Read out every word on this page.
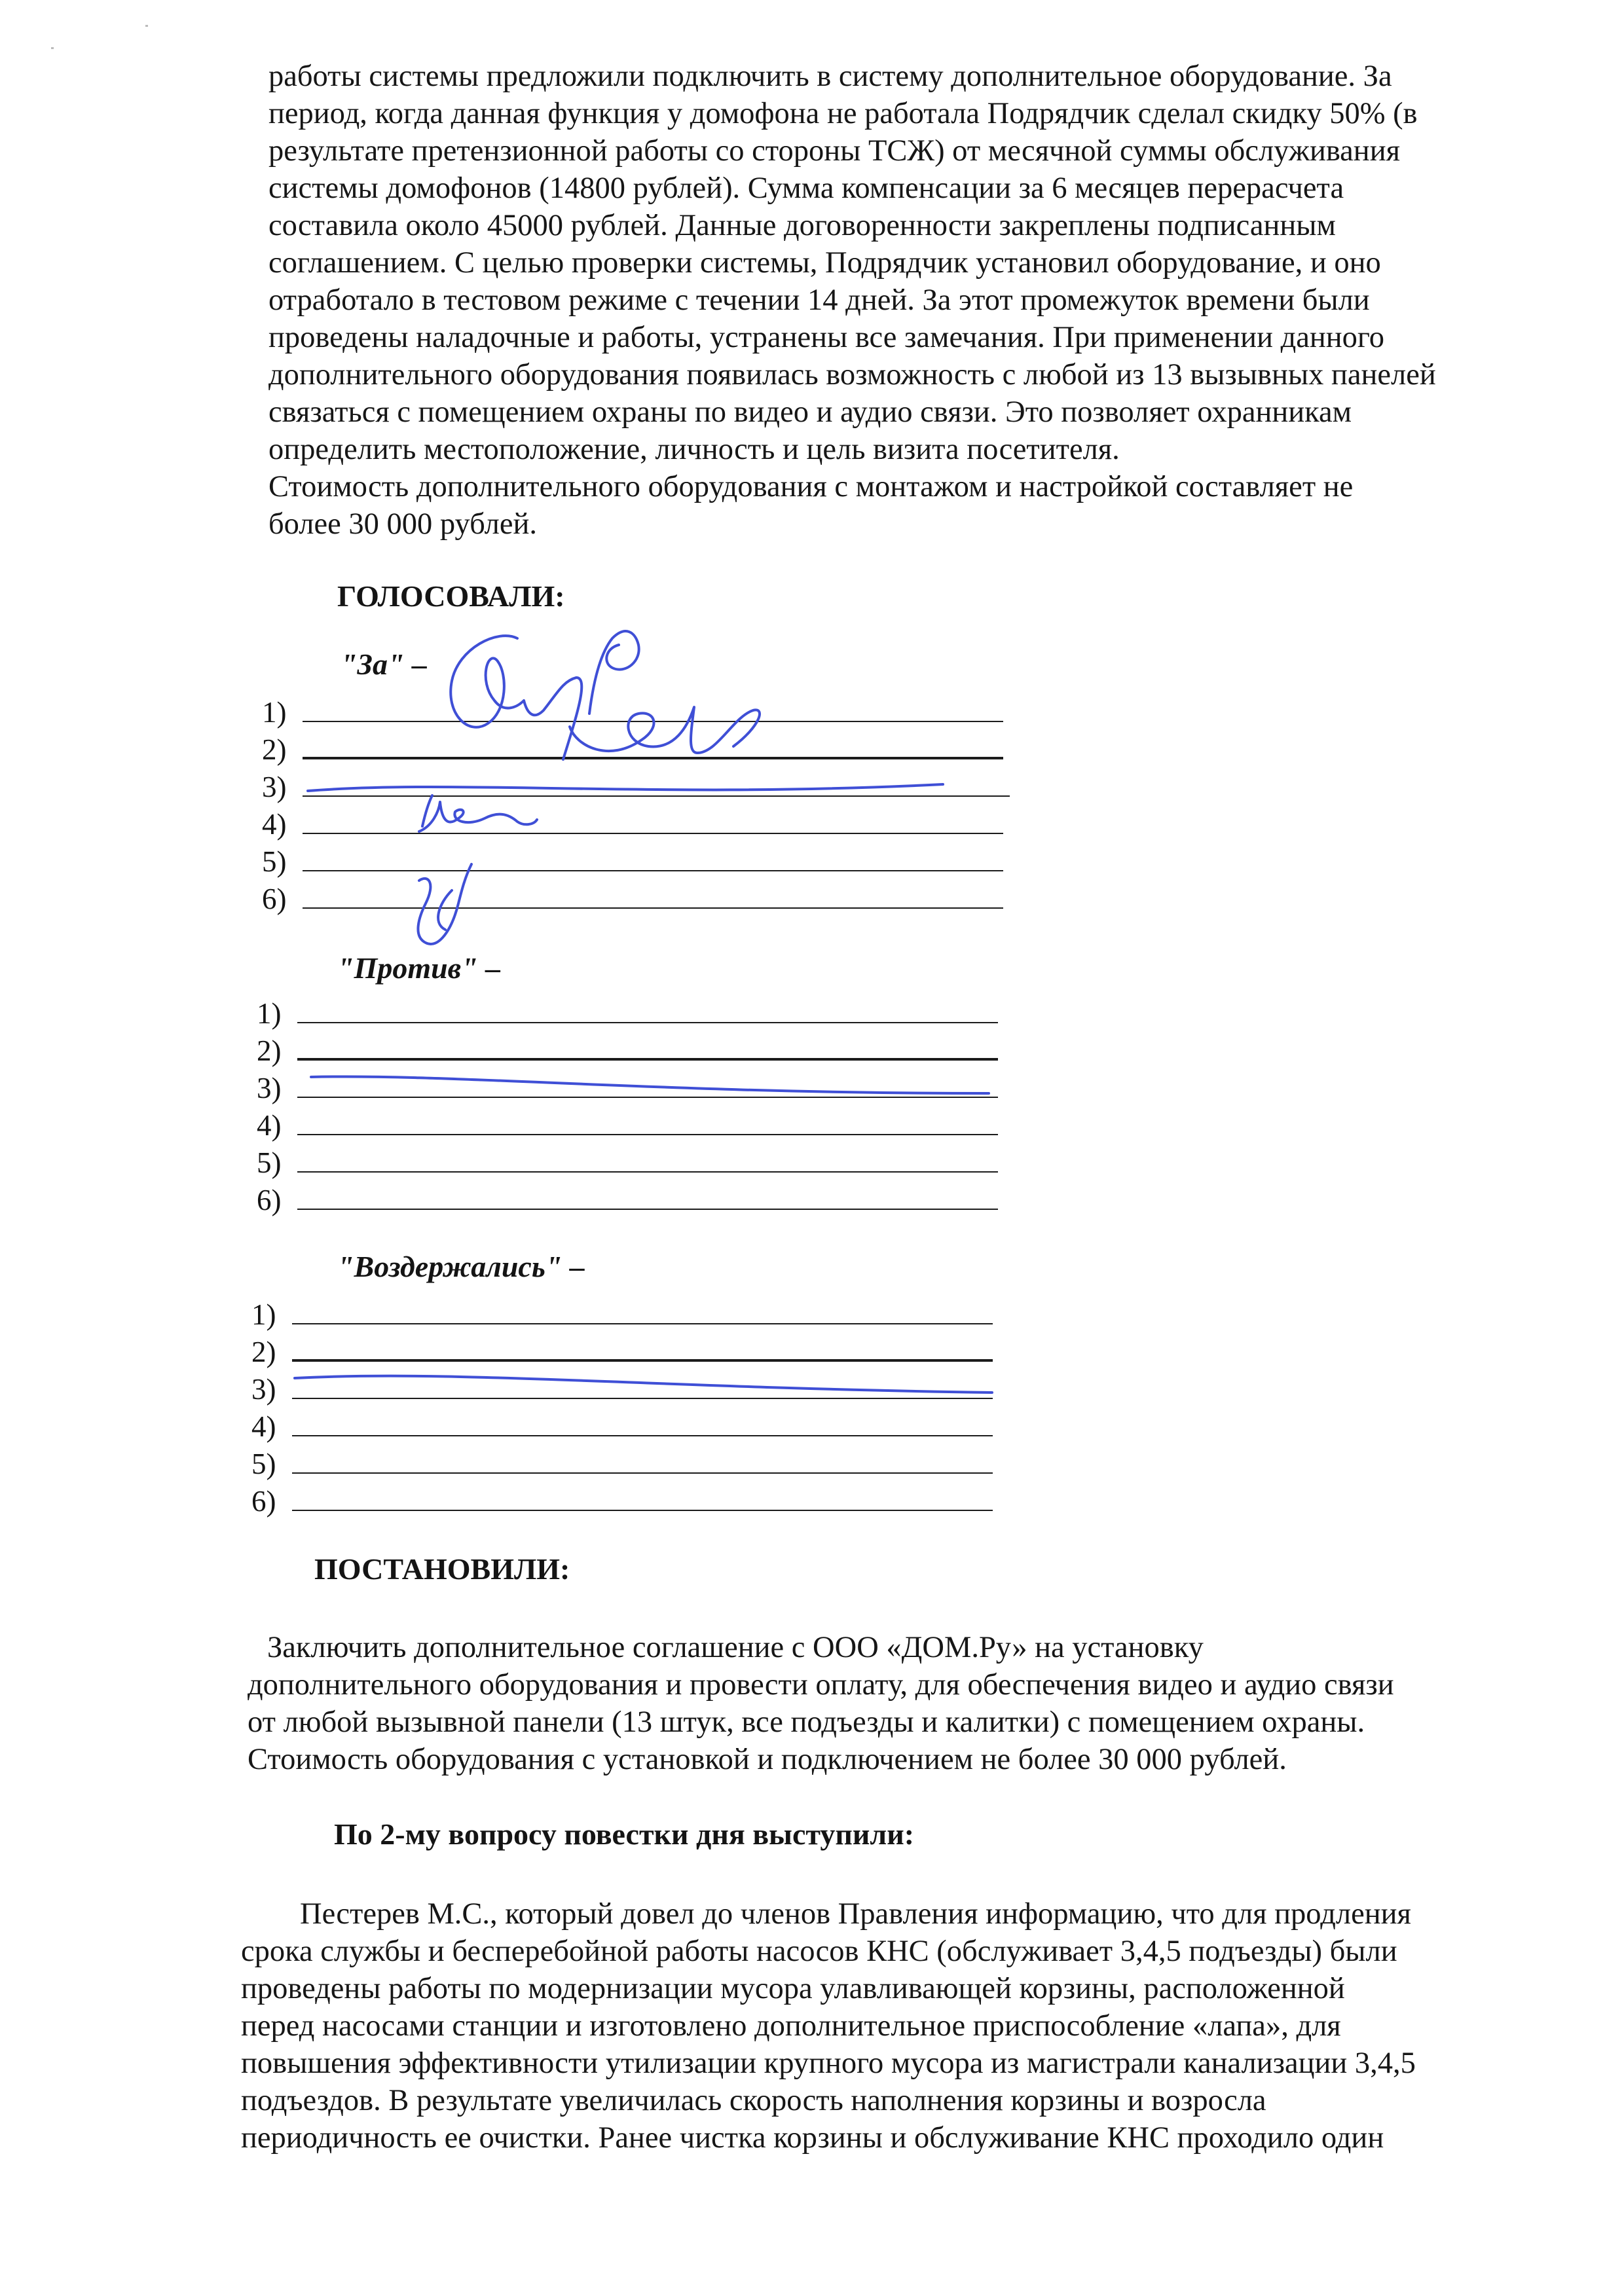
работы системы предложили подключить в систему дополнительное оборудование. За
период, когда данная функция у домофона не работала Подрядчик сделал скидку 50% (в
результате претензионной работы со стороны ТСЖ) от месячной суммы обслуживания
системы домофонов (14800 рублей). Сумма компенсации за 6 месяцев перерасчета
составила около 45000 рублей. Данные договоренности закреплены подписанным
соглашением. С целью проверки системы, Подрядчик установил оборудование, и оно
отработало в тестовом режиме с течении 14 дней. За этот промежуток времени были
проведены наладочные и работы, устранены все замечания. При применении данного
дополнительного оборудования появилась возможность с любой из 13 вызывных панелей
связаться с помещением охраны по видео и аудио связи. Это позволяет охранникам
определить местоположение, личность и цель визита посетителя.
Стоимость дополнительного оборудования с монтажом и настройкой составляет не
более 30 000 рублей.
ГОЛОСОВАЛИ:
"За" –
1)
2)
3)
4)
5)
6)
"Против" –
1)
2)
3)
4)
5)
6)
"Воздержались" –
1)
2)
3)
4)
5)
6)
ПОСТАНОВИЛИ:
Заключить дополнительное соглашение с ООО «ДОМ.Ру» на установку
дополнительного оборудования и провести оплату, для обеспечения видео и аудио связи
от любой вызывной панели (13 штук, все подъезды и калитки) с помещением охраны.
Стоимость оборудования с установкой и подключением не более 30 000 рублей.
По 2-му вопросу повестки дня выступили:
Пестерев М.С., который довел до членов Правления информацию, что для продления
срока службы и бесперебойной работы насосов КНС (обслуживает 3,4,5 подъезды) были
проведены работы по модернизации мусора улавливающей корзины, расположенной
перед насосами станции и изготовлено дополнительное приспособление «лапа», для
повышения эффективности утилизации крупного мусора из магистрали канализации 3,4,5
подъездов. В результате увеличилась скорость наполнения корзины и возросла
периодичность ее очистки. Ранее чистка корзины и обслуживание КНС проходило один
